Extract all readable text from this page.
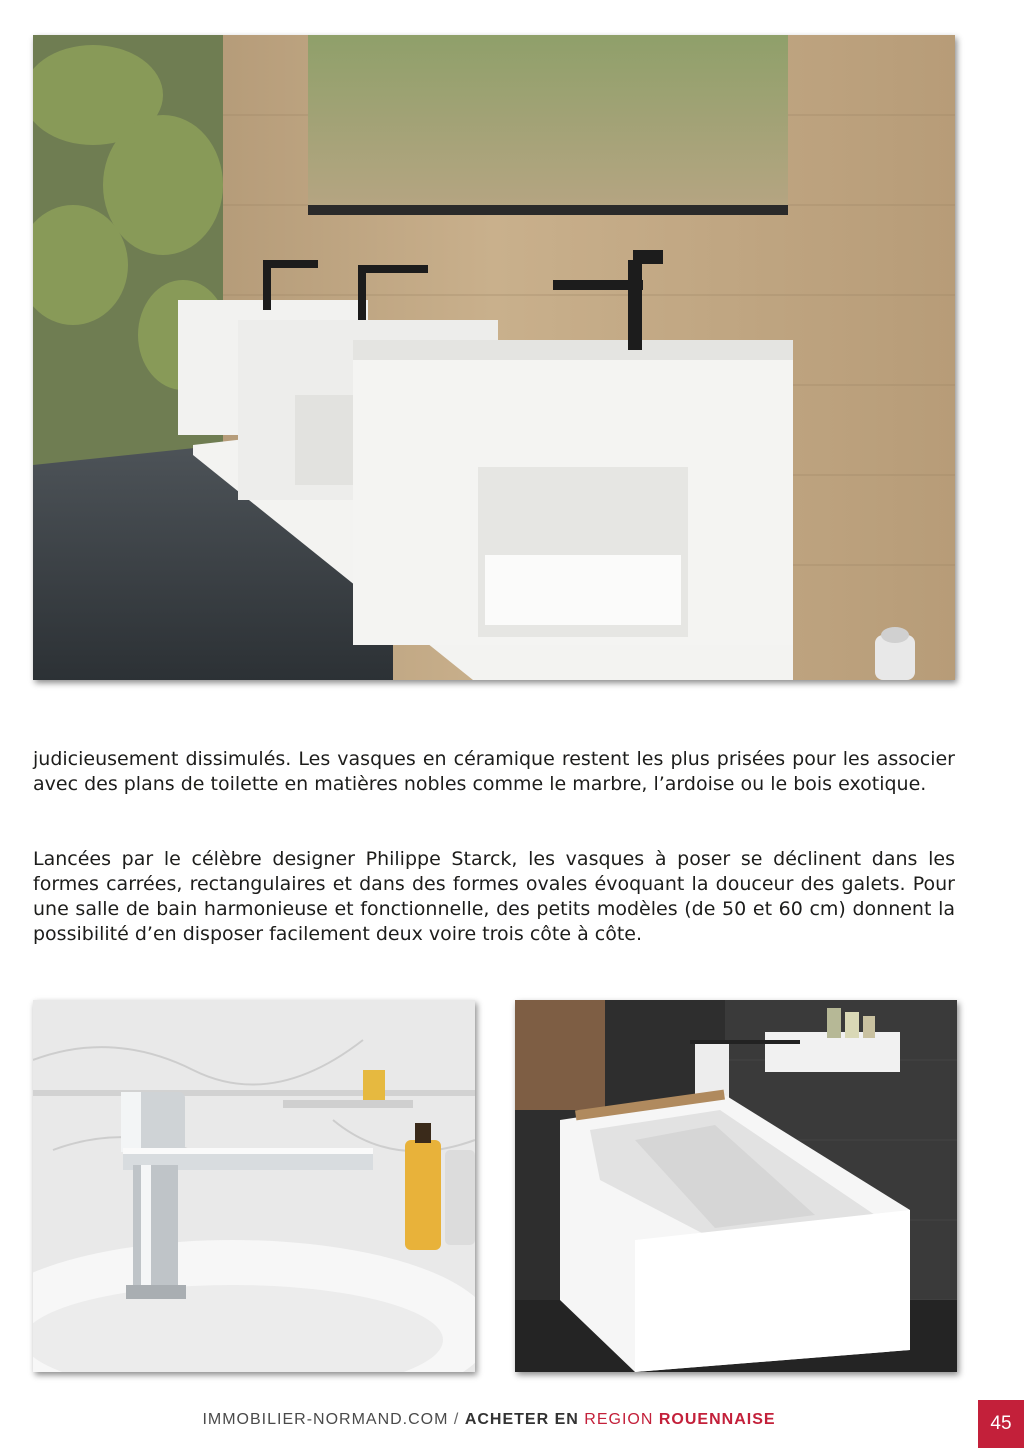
judicieusement dissimulés. Les vasques en céramique restent les plus prisées pour les associer avec des plans de toilette en matières nobles comme le marbre, l’ardoise ou le bois exotique.

Lancées par le célèbre designer Philippe Starck, les vasques à poser se déclinent dans les formes carrées, rectangulaires et dans des formes ovales évoquant la douceur des galets. Pour une salle de bain harmonieuse et fonctionnelle, des petits modèles (de 50 et 60 cm) donnent la possibilité d’en disposer facilement deux voire trois côte à côte.

IMMOBILIER-NORMAND.COM / ACHETER EN REGION ROUENNAISE	45
